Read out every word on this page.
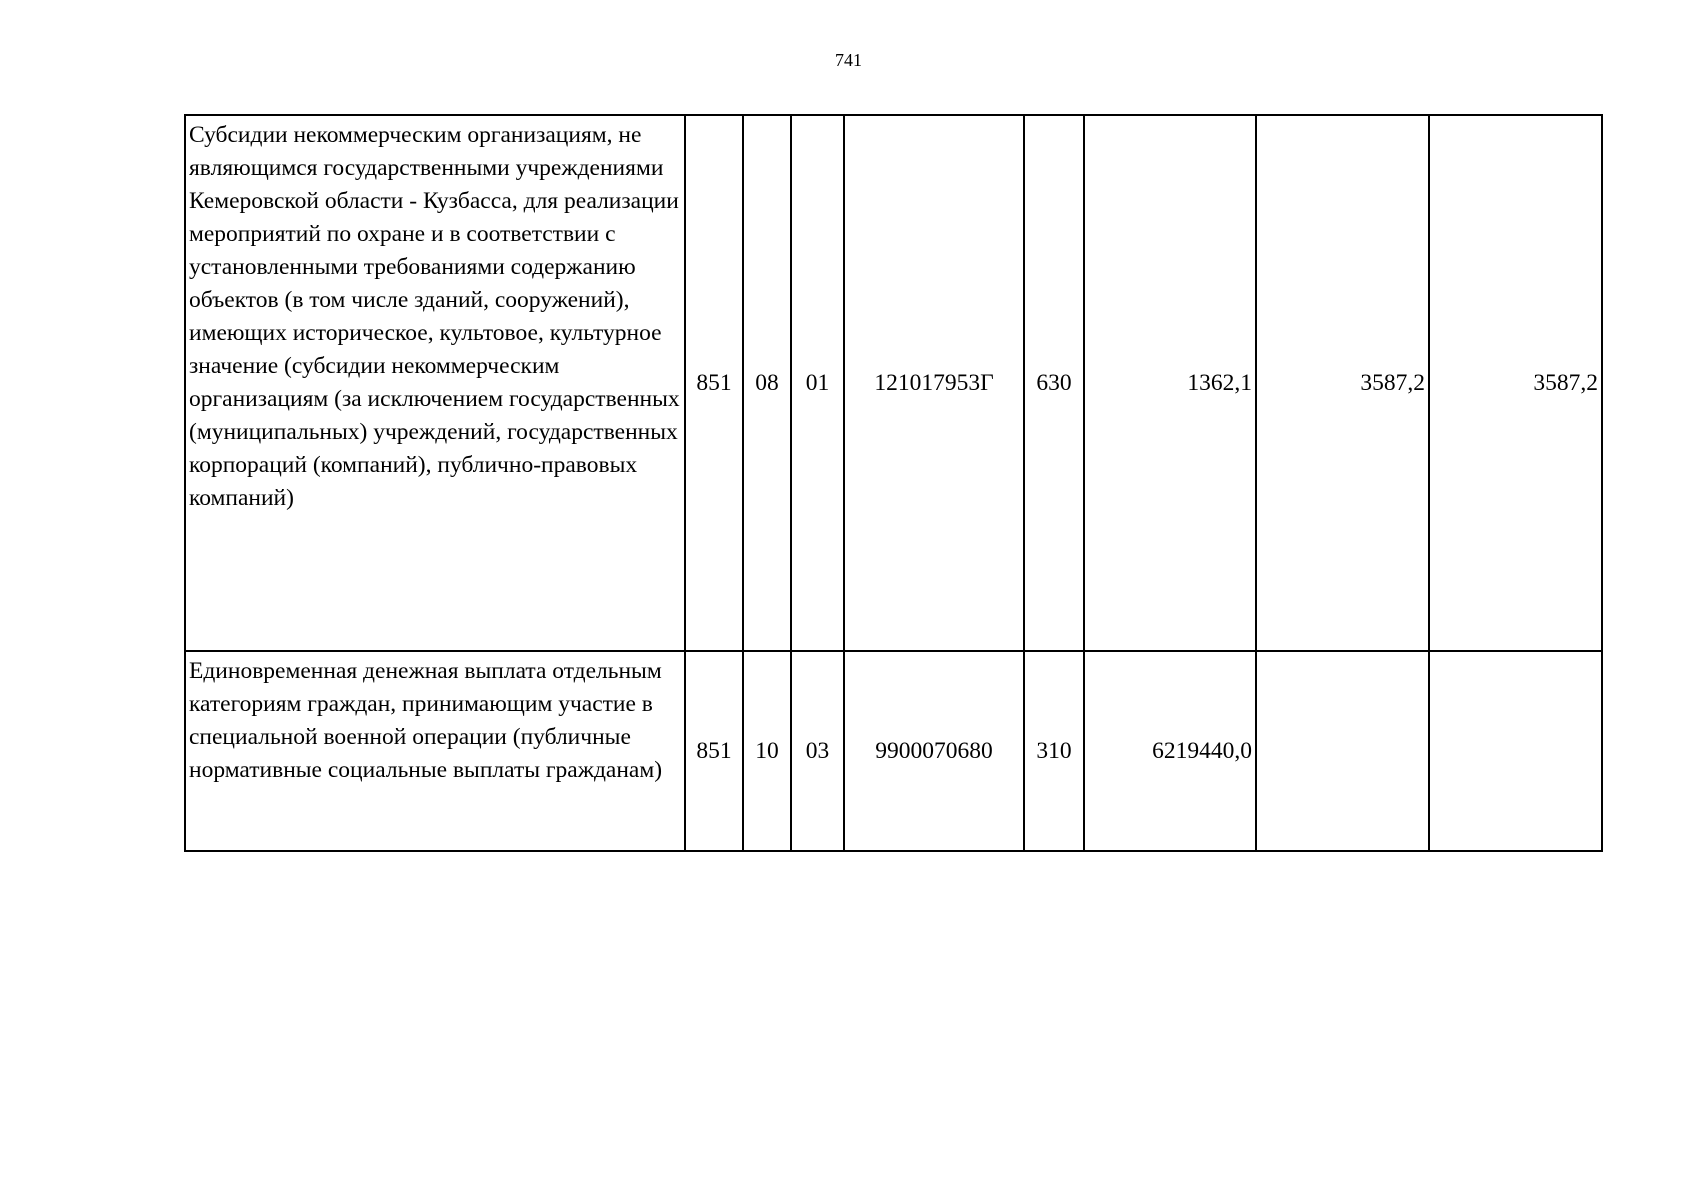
741
Субсидии некоммерческим организациям, не являющимся государственными учреждениями Кемеровской области - Кузбасса, для реализации мероприятий по охране и в соответствии с установленными требованиями содержанию объектов (в том числе зданий, сооружений), имеющих историческое, культовое, культурное значение (субсидии некоммерческим организациям (за исключением государственных (муниципальных) учреждений, государственных корпораций (компаний), публично-правовых компаний)	851	08	01	121017953Г	630	1362,1	3587,2	3587,2
Единовременная денежная выплата отдельным категориям граждан, принимающим участие в специальной военной операции (публичные нормативные социальные выплаты гражданам)	851	10	03	9900070680	310	6219440,0		
